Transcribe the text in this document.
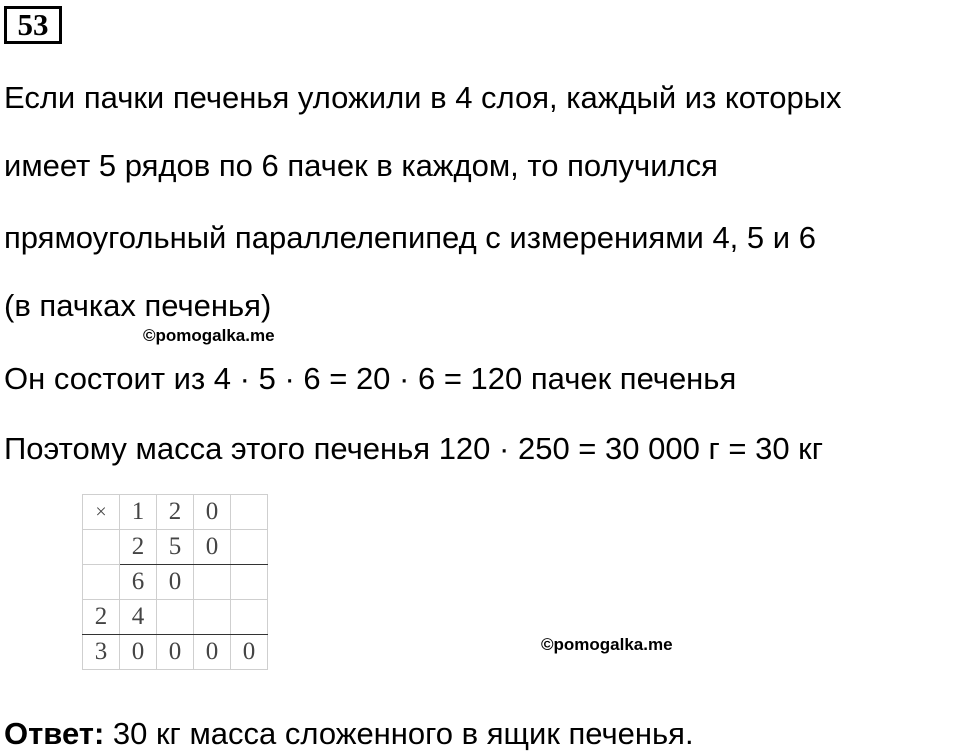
53
Если пачки печенья уложили в 4 слоя, каждый из которых
имеет 5 рядов по 6 пачек в каждом, то получился
прямоугольный параллелепипед с измерениями 4, 5 и 6
(в пачках печенья)
©pomogalka.me
Он состоит из 4 · 5 · 6 = 20 · 6 = 120 пачек печенья
Поэтому масса этого печенья 120 · 250 = 30 000 г = 30 кг
×	1	2	0	
	2	5	0	
	6	0		
2	4			
3	0	0	0	0	©pomogalka.me
Ответ: 30 кг масса сложенного в ящик печенья.
